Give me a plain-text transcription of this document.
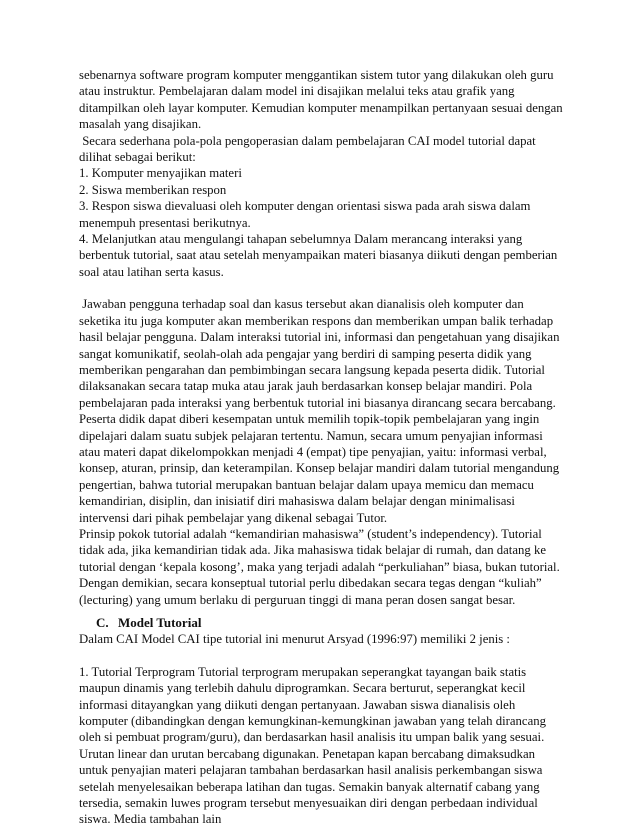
sebenarnya software program komputer menggantikan sistem tutor yang dilakukan oleh guru atau instruktur. Pembelajaran dalam model ini disajikan melalui teks atau grafik yang ditampilkan oleh layar komputer. Kemudian komputer menampilkan pertanyaan sesuai dengan masalah yang disajikan.

Secara sederhana pola-pola pengoperasian dalam pembelajaran CAI model tutorial dapat dilihat sebagai berikut:

1. Komputer menyajikan materi

2. Siswa memberikan respon

3. Respon siswa dievaluasi oleh komputer dengan orientasi siswa pada arah siswa dalam menempuh presentasi berikutnya.

4. Melanjutkan atau mengulangi tahapan sebelumnya Dalam merancang interaksi yang berbentuk tutorial, saat atau setelah menyampaikan materi biasanya diikuti dengan pemberian soal atau latihan serta kasus.

Jawaban pengguna terhadap soal dan kasus tersebut akan dianalisis oleh komputer dan seketika itu juga komputer akan memberikan respons dan memberikan umpan balik terhadap hasil belajar pengguna. Dalam interaksi tutorial ini, informasi dan pengetahuan yang disajikan sangat komunikatif, seolah-olah ada pengajar yang berdiri di samping peserta didik yang memberikan pengarahan dan pembimbingan secara langsung kepada peserta didik. Tutorial dilaksanakan secara tatap muka atau jarak jauh berdasarkan konsep belajar mandiri. Pola pembelajaran pada interaksi yang berbentuk tutorial ini biasanya dirancang secara bercabang. Peserta didik dapat diberi kesempatan untuk memilih topik-topik pembelajaran yang ingin dipelajari dalam suatu subjek pelajaran tertentu. Namun, secara umum penyajian informasi atau materi dapat dikelompokkan menjadi 4 (empat) tipe penyajian, yaitu: informasi verbal, konsep, aturan, prinsip, dan keterampilan. Konsep belajar mandiri dalam tutorial mengandung pengertian, bahwa tutorial merupakan bantuan belajar dalam upaya memicu dan memacu kemandirian, disiplin, dan inisiatif diri mahasiswa dalam belajar dengan minimalisasi intervensi dari pihak pembelajar yang dikenal sebagai Tutor.

Prinsip pokok tutorial adalah “kemandirian mahasiswa” (student’s independency). Tutorial tidak ada, jika kemandirian tidak ada. Jika mahasiswa tidak belajar di rumah, dan datang ke tutorial dengan ‘kepala kosong’, maka yang terjadi adalah “perkuliahan” biasa, bukan tutorial. Dengan demikian, secara konseptual tutorial perlu dibedakan secara tegas dengan “kuliah” (lecturing) yang umum berlaku di perguruan tinggi di mana peran dosen sangat besar.

C. Model Tutorial

Dalam CAI Model CAI tipe tutorial ini menurut Arsyad (1996:97) memiliki 2 jenis :

1. Tutorial Terprogram Tutorial terprogram merupakan seperangkat tayangan baik statis maupun dinamis yang terlebih dahulu diprogramkan. Secara berturut, seperangkat kecil informasi ditayangkan yang diikuti dengan pertanyaan. Jawaban siswa dianalisis oleh komputer (dibandingkan dengan kemungkinan-kemungkinan jawaban yang telah dirancang oleh si pembuat program/guru), dan berdasarkan hasil analisis itu umpan balik yang sesuai. Urutan linear dan urutan bercabang digunakan. Penetapan kapan bercabang dimaksudkan untuk penyajian materi pelajaran tambahan berdasarkan hasil analisis perkembangan siswa setelah menyelesaikan beberapa latihan dan tugas. Semakin banyak alternatif cabang yang tersedia, semakin luwes program tersebut menyesuaikan diri dengan perbedaan individual siswa. Media tambahan lain
